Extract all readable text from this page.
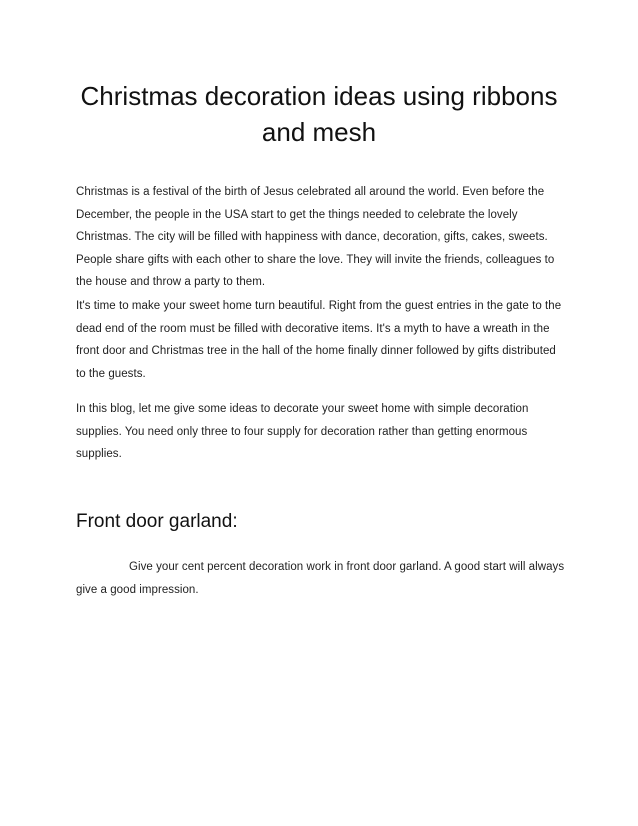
Christmas decoration ideas using ribbons and mesh

Christmas is a festival of the birth of Jesus celebrated all around the world. Even before the December, the people in the USA start to get the things needed to celebrate the lovely Christmas. The city will be filled with happiness with dance, decoration, gifts, cakes, sweets. People share gifts with each other to share the love. They will invite the friends, colleagues to the house and throw a party to them.

It's time to make your sweet home turn beautiful. Right from the guest entries in the gate to the dead end of the room must be filled with decorative items. It's a myth to have a wreath in the front door and Christmas tree in the hall of the home finally dinner followed by gifts distributed to the guests.

In this blog, let me give some ideas to decorate your sweet home with simple decoration supplies. You need only three to four supply for decoration rather than getting enormous supplies.

Front door garland:

Give your cent percent decoration work in front door garland. A good start will always give a good impression.
